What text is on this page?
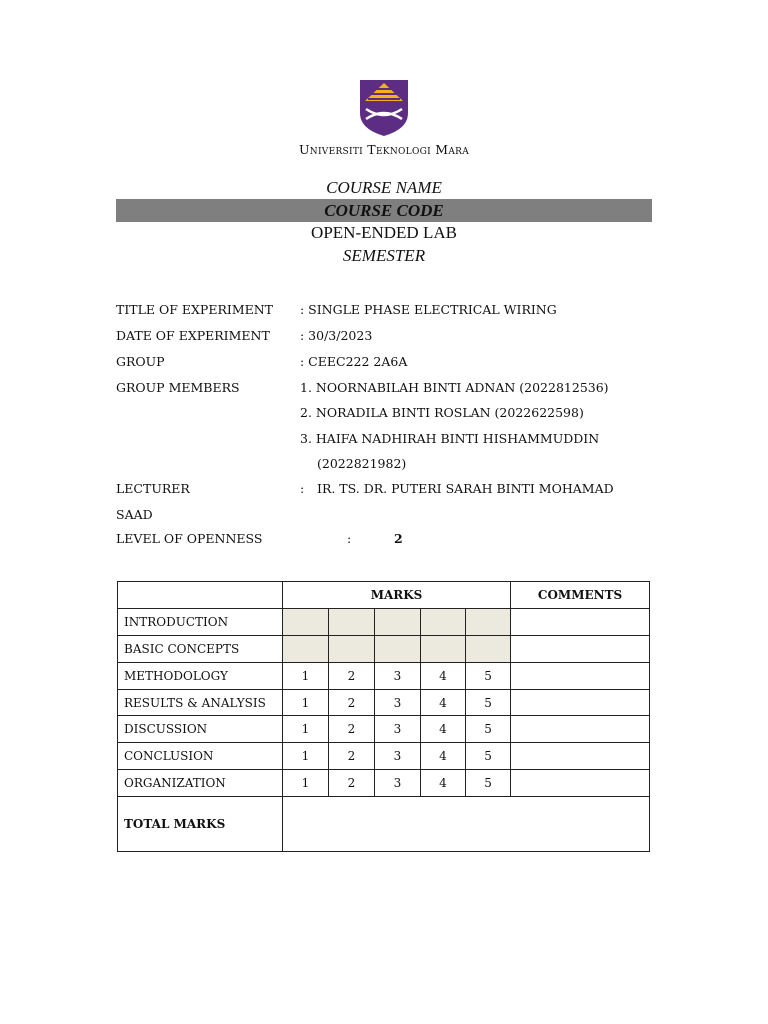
Universiti Teknologi Mara
COURSE NAME
COURSE CODE
OPEN-ENDED LAB
SEMESTER
TITLE OF EXPERIMENT : SINGLE PHASE ELECTRICAL WIRING
DATE OF EXPERIMENT : 30/3/2023
GROUP	: CEEC222 2A6A
GROUP MEMBERS	1. NOORNABILAH BINTI ADNAN (2022812536)
2. NORADILA BINTI ROSLAN (2022622598)
3. HAIFA NADHIRAH BINTI HISHAMMUDDIN
(2022821982)
LECTURER	: IR. TS. DR. PUTERI SARAH BINTI MOHAMAD
SAAD
LEVEL OF OPENNESS	:	2
	MARKS					COMMENTS
INTRODUCTION						
BASIC CONCEPTS						
METHODOLOGY	1	2	3	4	5	
RESULTS & ANALYSIS	1	2	3	4	5	
DISCUSSION	1	2	3	4	5	
CONCLUSION	1	2	3	4	5	
ORGANIZATION	1	2	3	4	5	
TOTAL MARKS						
